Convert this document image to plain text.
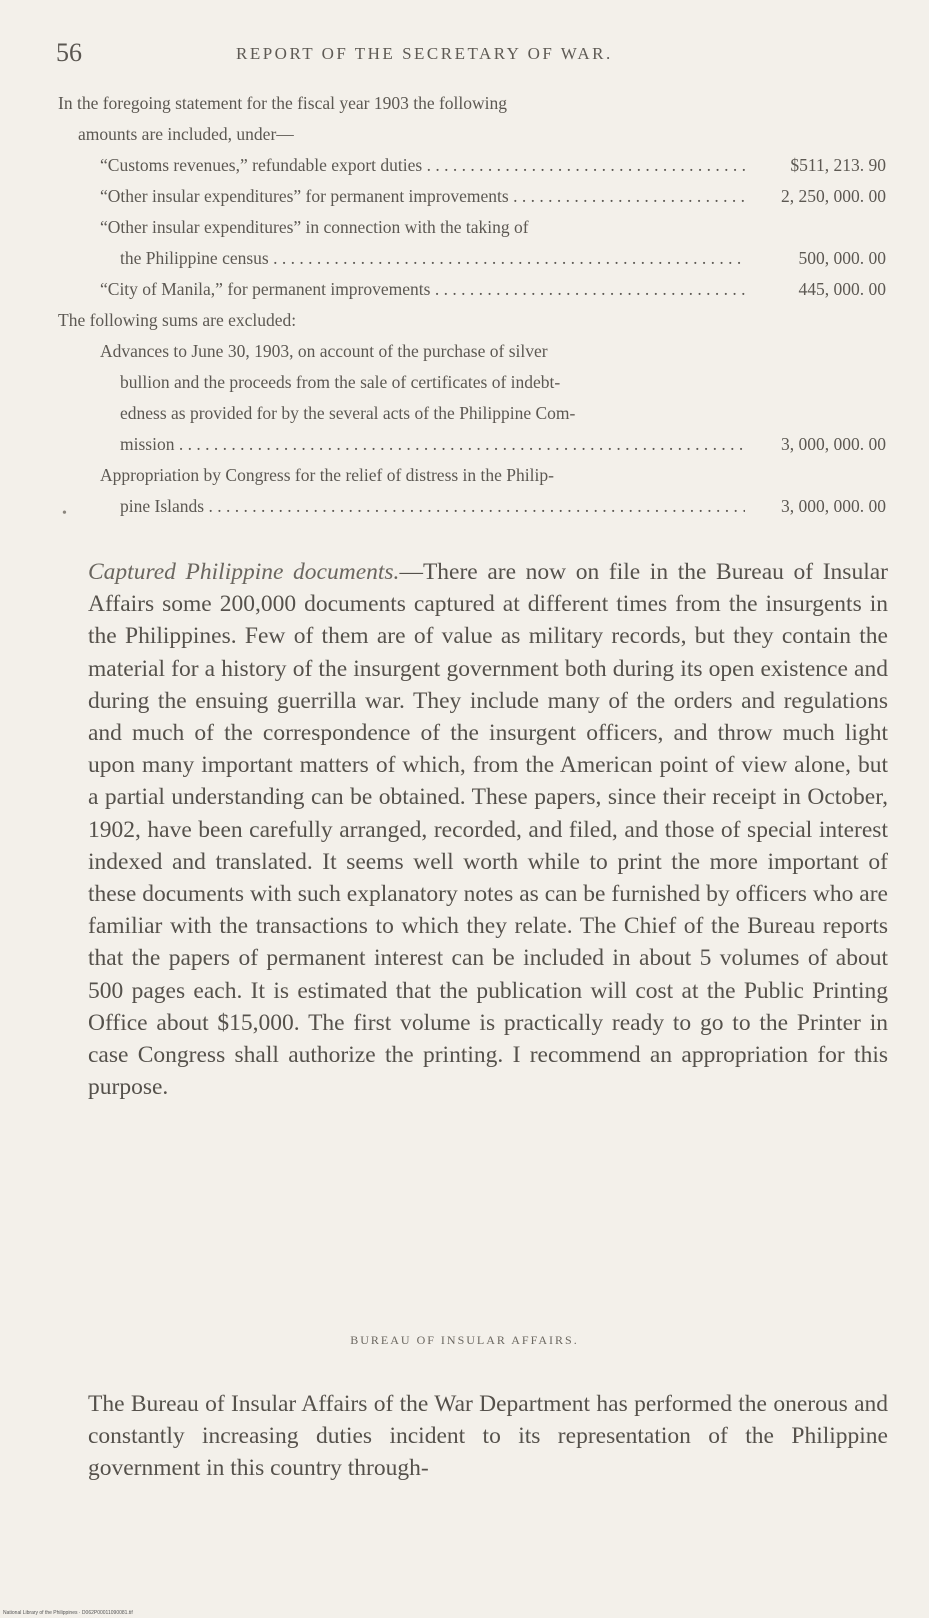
56	REPORT OF THE SECRETARY OF WAR.
In the foregoing statement for the fiscal year 1903 the following
amounts are included, under—
“Customs revenues,” refundable export duties . . .	$511, 213. 90
“Other insular expenditures” for permanent improvements . . .	2, 250, 000. 00
“Other insular expenditures” in connection with the taking of
the Philippine census . . .	500, 000. 00
“City of Manila,” for permanent improvements . . .	445, 000. 00
The following sums are excluded:
Advances to June 30, 1903, on account of the purchase of silver
bullion and the proceeds from the sale of certificates of indebt-
edness as provided for by the several acts of the Philippine Com-
mission . . .	3, 000, 000. 00
Appropriation by Congress for the relief of distress in the Philip-
pine Islands . . .	3, 000, 000. 00
•

Captured Philippine documents.—There are now on file in the Bureau of Insular Affairs some 200,000 documents captured at different times from the insurgents in the Philippines. Few of them are of value as military records, but they contain the material for a history of the insurgent government both during its open existence and during the ensuing guerrilla war. They include many of the orders and regulations and much of the correspondence of the insurgent officers, and throw much light upon many important matters of which, from the American point of view alone, but a partial understanding can be obtained. These papers, since their receipt in October, 1902, have been carefully arranged, recorded, and filed, and those of special interest indexed and translated. It seems well worth while to print the more important of these documents with such explanatory notes as can be furnished by officers who are familiar with the transactions to which they relate. The Chief of the Bureau reports that the papers of permanent interest can be included in about 5 volumes of about 500 pages each. It is estimated that the publication will cost at the Public Printing Office about $15,000. The first volume is practically ready to go to the Printer in case Congress shall authorize the printing. I recommend an appropriation for this purpose.

BUREAU OF INSULAR AFFAIRS.

The Bureau of Insular Affairs of the War Department has performed the onerous and constantly increasing duties incident to its representation of the Philippine government in this country through-

National Library of the Philippines · D062P00011090081.tif
